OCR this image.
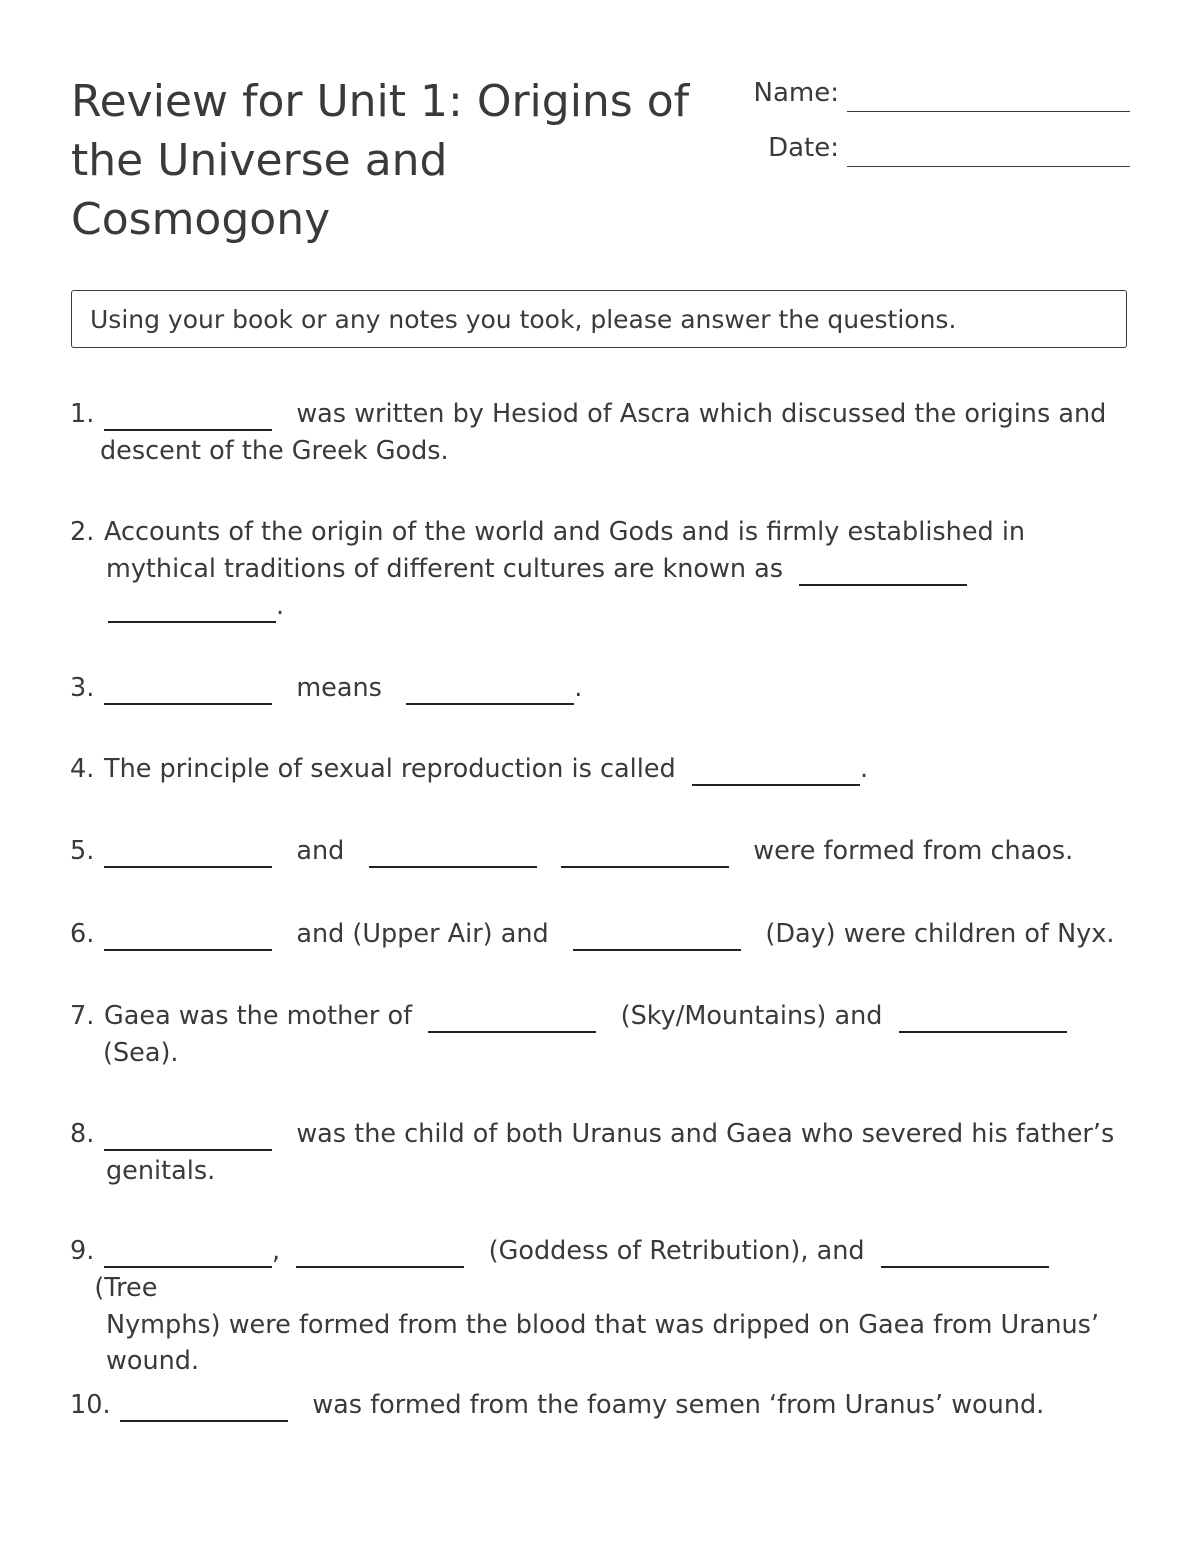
Review for Unit 1: Origins of the Universe and Cosmogony
Name:
Date:
Using your book or any notes you took, please answer the questions.

1.	was written by Hesiod of Ascra which discussed the origins and

descent of the Greek Gods.

2. Accounts of the origin of the world and Gods and is firmly established in

mythical traditions of different cultures are known as

.

3.	means	.

4. The principle of sexual reproduction is called	.

5.	and	were formed from chaos.

6.	and (Upper Air) and	(Day) were children of Nyx.

7. Gaea was the mother of	(Sky/Mountains) and

(Sea).

8.	was the child of both Uranus and Gaea who severed his father’s

genitals.

9.	,	(Goddess of Retribution), and     (Tree

Nymphs) were formed from the blood that was dripped on Gaea from Uranus’

wound.

10.	was formed from the foamy semen ‘from Uranus’ wound.
